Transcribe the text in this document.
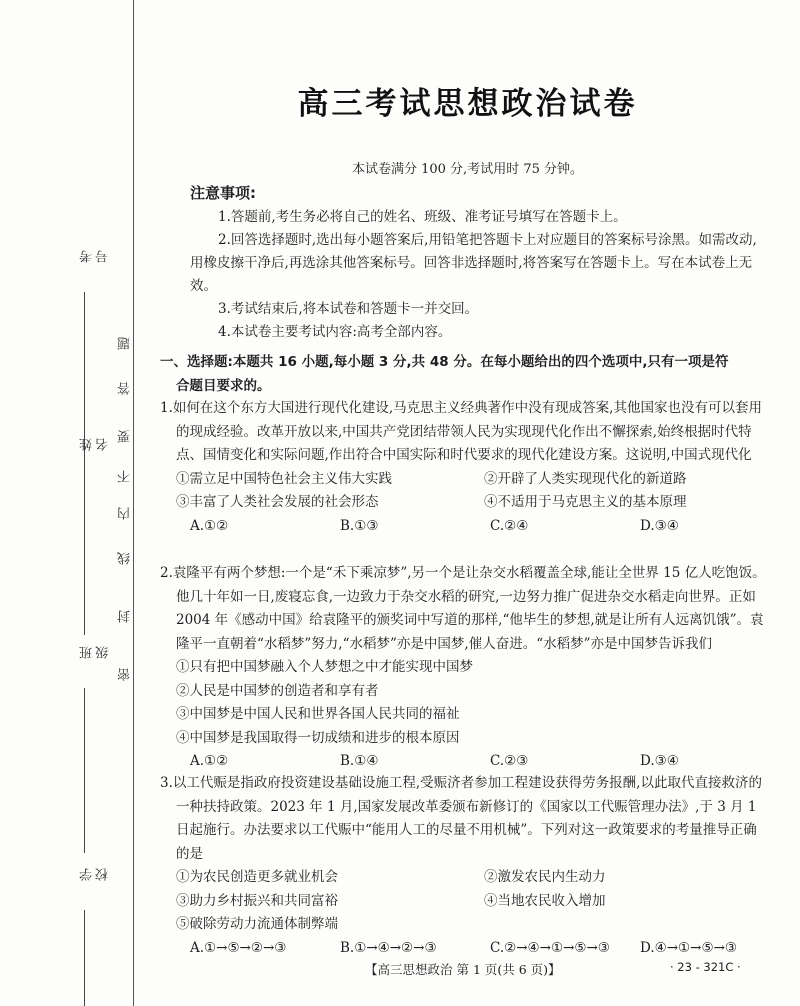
考号
姓名
班级
学校
密
封
线
内
不
要
答
题
高三考试思想政治试卷
本试卷满分 100 分,考试用时 75 分钟。
注意事项:

1.答题前,考生务必将自己的姓名、班级、准考证号填写在答题卡上。

2.回答选择题时,选出每小题答案后,用铅笔把答题卡上对应题目的答案标号涂黑。如需改动,用橡皮擦干净后,再选涂其他答案标号。回答非选择题时,将答案写在答题卡上。写在本试卷上无效。

3.考试结束后,将本试卷和答题卡一并交回。

4.本试卷主要考试内容:高考全部内容。

一、选择题:本题共 16 小题,每小题 3 分,共 48 分。在每小题给出的四个选项中,只有一项是符
合题目要求的。
1.如何在这个东方大国进行现代化建设,马克思主义经典著作中没有现成答案,其他国家也没有可以套用的现成经验。改革开放以来,中国共产党团结带领人民为实现现代化作出不懈探索,始终根据时代特点、国情变化和实际问题,作出符合中国实际和时代要求的现代化建设方案。这说明,中国式现代化
①需立足中国特色社会主义伟大实践	②开辟了人类实现现代化的新道路
③丰富了人类社会发展的社会形态	④不适用于马克思主义的基本原理
A.①②	B.①③	C.②④	D.③④
2.袁隆平有两个梦想:一个是“禾下乘凉梦”,另一个是让杂交水稻覆盖全球,能让全世界 15 亿人吃饱饭。他几十年如一日,废寝忘食,一边致力于杂交水稻的研究,一边努力推广促进杂交水稻走向世界。正如 2004 年《感动中国》给袁隆平的颁奖词中写道的那样,“他毕生的梦想,就是让所有人远离饥饿”。袁隆平一直朝着“水稻梦”努力,“水稻梦”亦是中国梦,催人奋进。“水稻梦”亦是中国梦告诉我们
①只有把中国梦融入个人梦想之中才能实现中国梦
②人民是中国梦的创造者和享有者
③中国梦是中国人民和世界各国人民共同的福祉
④中国梦是我国取得一切成绩和进步的根本原因
A.①②	B.①④	C.②③	D.③④
3.以工代赈是指政府投资建设基础设施工程,受赈济者参加工程建设获得劳务报酬,以此取代直接救济的一种扶持政策。2023 年 1 月,国家发展改革委颁布新修订的《国家以工代赈管理办法》,于 3 月 1 日起施行。办法要求以工代赈中“能用人工的尽量不用机械”。下列对这一政策要求的考量推导正确的是
①为农民创造更多就业机会	②激发农民内生动力
③助力乡村振兴和共同富裕	④当地农民收入增加
⑤破除劳动力流通体制弊端
A.①→⑤→②→③	B.①→④→②→③	C.②→④→①→⑤→③	D.④→①→⑤→③
【高三思想政治 第 1 页(共 6 页)】	· 23 - 321C ·
